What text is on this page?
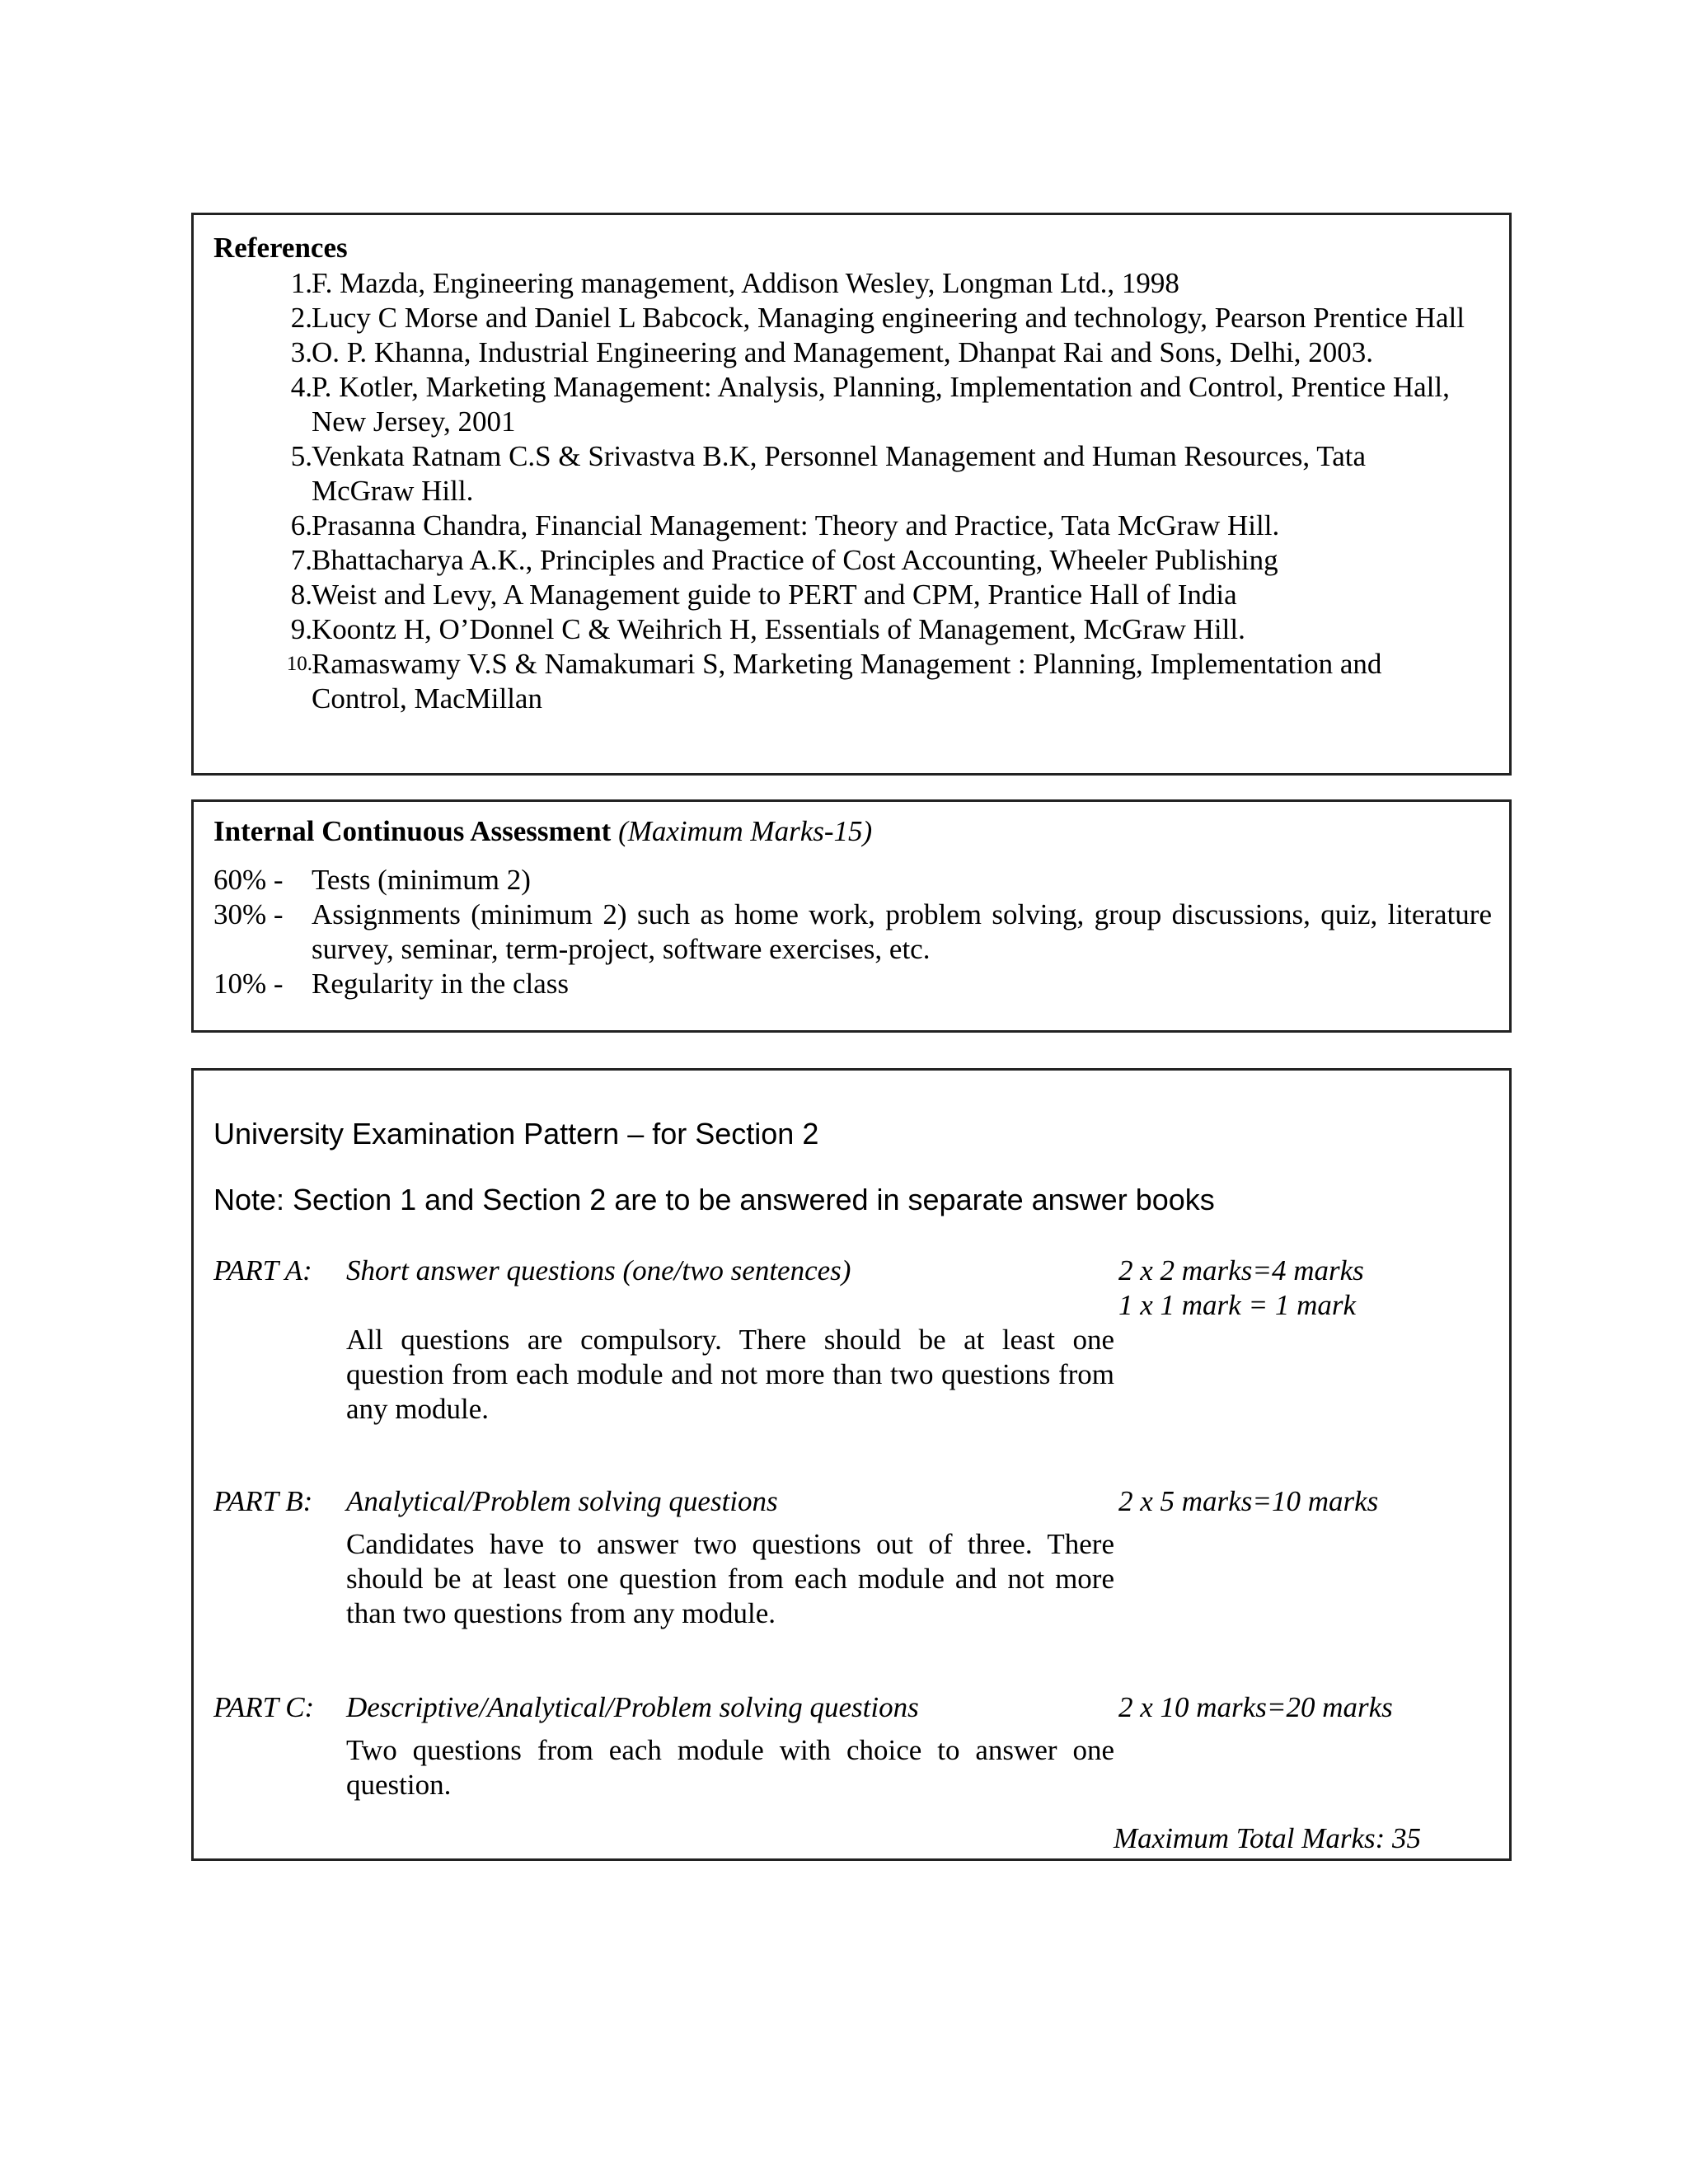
References
1. F. Mazda, Engineering management, Addison Wesley, Longman Ltd., 1998
2. Lucy C Morse and Daniel L Babcock, Managing engineering and technology, Pearson Prentice Hall
3. O. P. Khanna, Industrial Engineering and Management, Dhanpat Rai and Sons, Delhi, 2003.
4. P. Kotler, Marketing Management: Analysis, Planning, Implementation and Control, Prentice Hall, New Jersey, 2001
5. Venkata Ratnam C.S & Srivastva B.K, Personnel Management and Human Resources, Tata McGraw Hill.
6. Prasanna Chandra, Financial Management: Theory and Practice, Tata McGraw Hill.
7. Bhattacharya A.K., Principles and Practice of Cost Accounting, Wheeler Publishing
8. Weist and Levy, A Management guide to PERT and CPM, Prantice Hall of India
9. Koontz H, O’Donnel C & Weihrich H, Essentials of Management, McGraw Hill.
10. Ramaswamy V.S & Namakumari S, Marketing Management : Planning, Implementation and Control, MacMillan
Internal Continuous Assessment (Maximum Marks-15)
60% - Tests (minimum 2)
30% - Assignments (minimum 2) such as home work, problem solving, group discussions, quiz, literature survey, seminar, term-project, software exercises, etc.
10% - Regularity in the class
University Examination Pattern – for Section 2
Note: Section 1 and Section 2 are to be answered in separate answer books
PART A: Short answer questions (one/two sentences)	2 x 2 marks=4 marks
1 x 1 mark = 1 mark
All questions are compulsory. There should be at least one question from each module and not more than two questions from any module.
PART B: Analytical/Problem solving questions	2 x 5 marks=10 marks
Candidates have to answer two questions out of three. There should be at least one question from each module and not more than two questions from any module.
PART C: Descriptive/Analytical/Problem solving questions	2 x 10 marks=20 marks
Two questions from each module with choice to answer one question.
Maximum Total Marks: 35
